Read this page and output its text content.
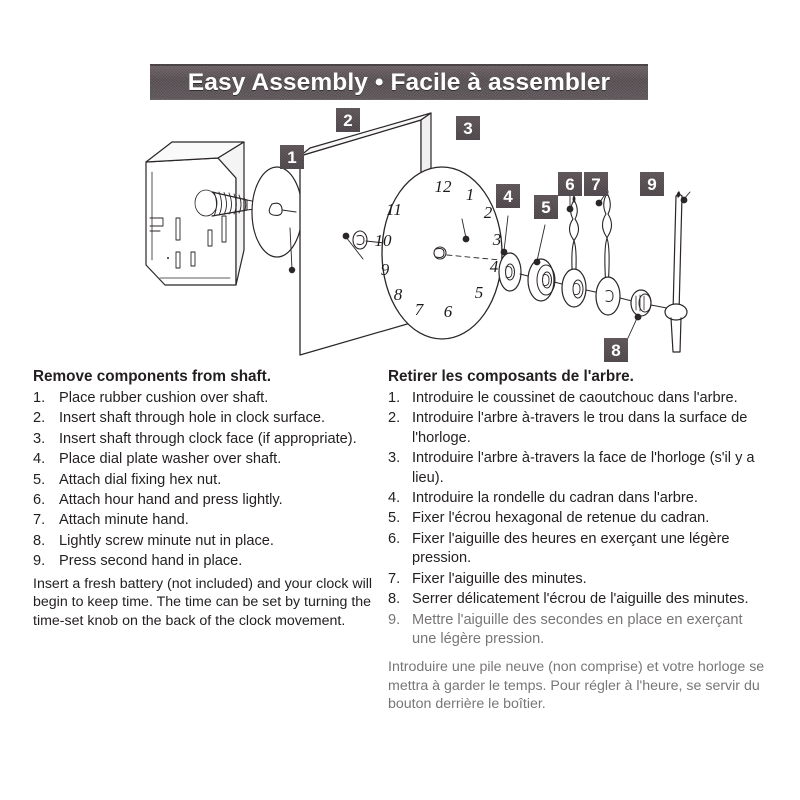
Easy Assembly • Facile à assembler
12 1
2
3
4
5
6
7
8
9
10
11
1
2	3
4
5
6 7
8
9

Remove components from shaft.

1. Place rubber cushion over shaft.
2. Insert shaft through hole in clock surface.
3. Insert shaft through clock face (if appropriate).
4. Place dial plate washer over shaft.
5. Attach dial fixing hex nut.
6. Attach hour hand and press lightly.
7. Attach minute hand.
8. Lightly screw minute nut in place.
9. Press second hand in place.

Insert a fresh battery (not included) and your clock will begin to keep time. The time can be set by turning the time-set knob on the back of the clock movement.

Retirer les composants de l'arbre.

1. Introduire le coussinet de caoutchouc dans l'arbre.
2. Introduire l'arbre à-travers le trou dans la surface de l'horloge.
3. Introduire l'arbre à-travers la face de l'horloge (s'il y a lieu).
4. Introduire la rondelle du cadran dans l'arbre.
5. Fixer l'écrou hexagonal de retenue du cadran.
6. Fixer l'aiguille des heures en exerçant une légère pression.
7. Fixer l'aiguille des minutes.
8. Serrer délicatement l'écrou de l'aiguille des minutes.
9. Mettre l'aiguille des secondes en place en exerçant une légère pression.

Introduire une pile neuve (non comprise) et votre horloge se mettra à garder le temps. Pour régler à l'heure, se servir du bouton derrière le boîtier.
